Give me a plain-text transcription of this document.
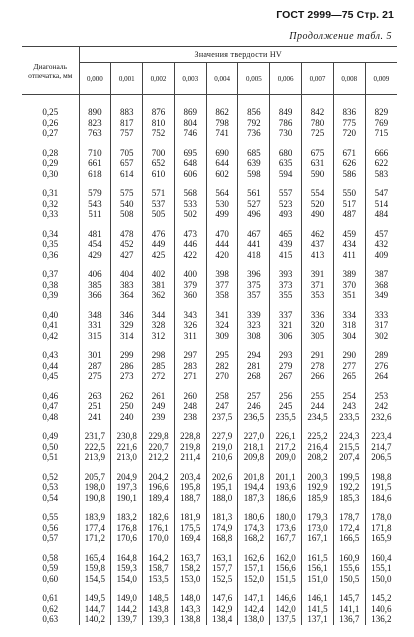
ГОСТ 2999—75 Стр. 21
Продолжение табл. 5
Диагональ отпечатка, мм	Значения твердости HV									
	0,000	0,001	0,002	0,003	0,004	0,005	0,006	0,007	0,008	0,009
0,25	890	883	876	869	862	856	849	842	836	829
0,26	823	817	810	804	798	792	786	780	775	769
0,27	763	757	752	746	741	736	730	725	720	715
0,28	710	705	700	695	690	685	680	675	671	666
0,29	661	657	652	648	644	639	635	631	626	622
0,30	618	614	610	606	602	598	594	590	586	583
0,31	579	575	571	568	564	561	557	554	550	547
0,32	543	540	537	533	530	527	523	520	517	514
0,33	511	508	505	502	499	496	493	490	487	484
0,34	481	478	476	473	470	467	465	462	459	457
0,35	454	452	449	446	444	441	439	437	434	432
0,36	429	427	425	422	420	418	415	413	411	409
0,37	406	404	402	400	398	396	393	391	389	387
0,38	385	383	381	379	377	375	373	371	370	368
0,39	366	364	362	360	358	357	355	353	351	349
0,40	348	346	344	343	341	339	337	336	334	333
0,41	331	329	328	326	324	323	321	320	318	317
0,42	315	314	312	311	309	308	306	305	304	302
0,43	301	299	298	297	295	294	293	291	290	289
0,44	287	286	285	283	282	281	279	278	277	276
0,45	275	273	272	271	270	268	267	266	265	264
0,46	263	262	261	260	258	257	256	255	254	253
0,47	251	250	249	248	247	246	245	244	243	242
0,48	241	240	239	238	237,5	236,5	235,5	234,5	233,5	232,6
0,49	231,7	230,8	229,8	228,8	227,9	227,0	226,1	225,2	224,3	223,4
0,50	222,5	221,6	220,7	219,8	219,0	218,1	217,2	216,4	215,5	214,7
0,51	213,9	213,0	212,2	211,4	210,6	209,8	209,0	208,2	207,4	206,5
0,52	205,7	204,9	204,2	203,4	202,6	201,8	201,1	200,3	199,5	198,8
0,53	198,0	197,3	196,6	195,8	195,1	194,4	193,6	192,9	192,2	191,5
0,54	190,8	190,1	189,4	188,7	188,0	187,3	186,6	185,9	185,3	184,6
0,55	183,9	183,2	182,6	181,9	181,3	180,6	180,0	179,3	178,7	178,0
0,56	177,4	176,8	176,1	175,5	174,9	174,3	173,6	173,0	172,4	171,8
0,57	171,2	170,6	170,0	169,4	168,8	168,2	167,7	167,1	166,5	165,9
0,58	165,4	164,8	164,2	163,7	163,1	162,6	162,0	161,5	160,9	160,4
0,59	159,8	159,3	158,7	158,2	157,7	157,1	156,6	156,1	155,6	155,1
0,60	154,5	154,0	153,5	153,0	152,5	152,0	151,5	151,0	150,5	150,0
0,61	149,5	149,0	148,5	148,0	147,6	147,1	146,6	146,1	145,7	145,2
0,62	144,7	144,2	143,8	143,3	142,9	142,4	142,0	141,5	141,1	140,6
0,63	140,2	139,7	139,3	138,8	138,4	138,0	137,5	137,1	136,7	136,2
